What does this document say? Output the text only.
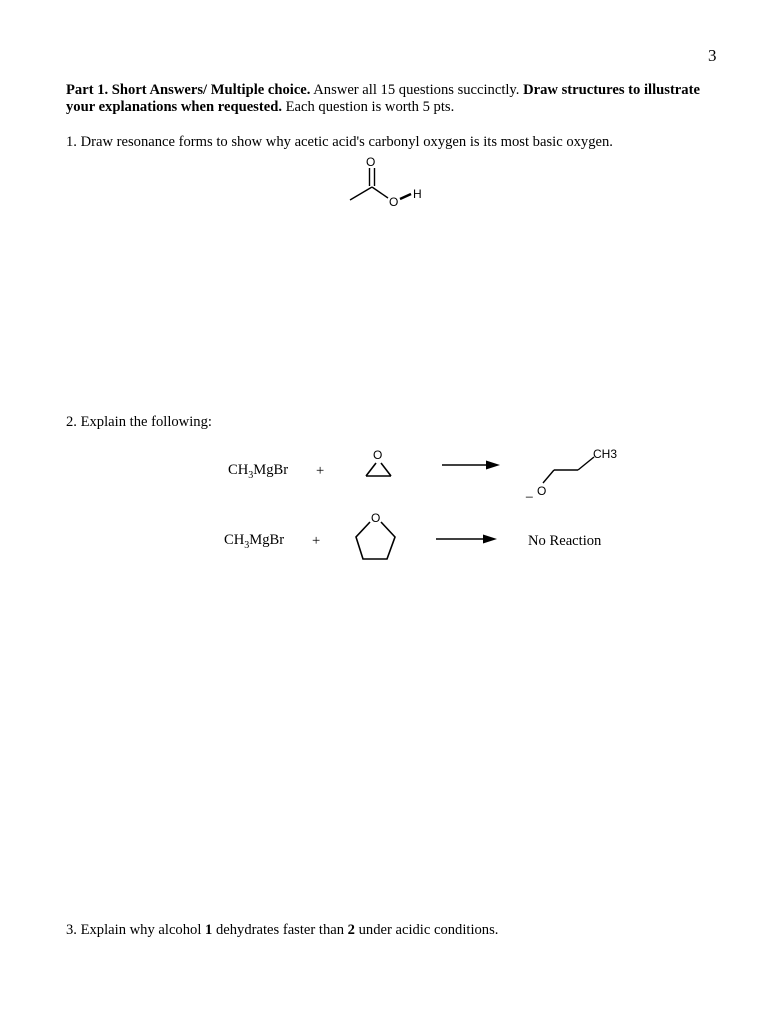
3
Part 1. Short Answers/ Multiple choice. Answer all 15 questions succinctly. Draw structures to illustrate your explanations when requested. Each question is worth 5 pts.
1. Draw resonance forms to show why acetic acid's carbonyl oxygen is its most basic oxygen.
O
O
H
O	CH3
O
_
O
2. Explain the following:
$CH_3MgBr$ +
$CH_3MgBr$ +	No Reaction
3. Explain why alcohol 1 dehydrates faster than 2 under acidic conditions.
